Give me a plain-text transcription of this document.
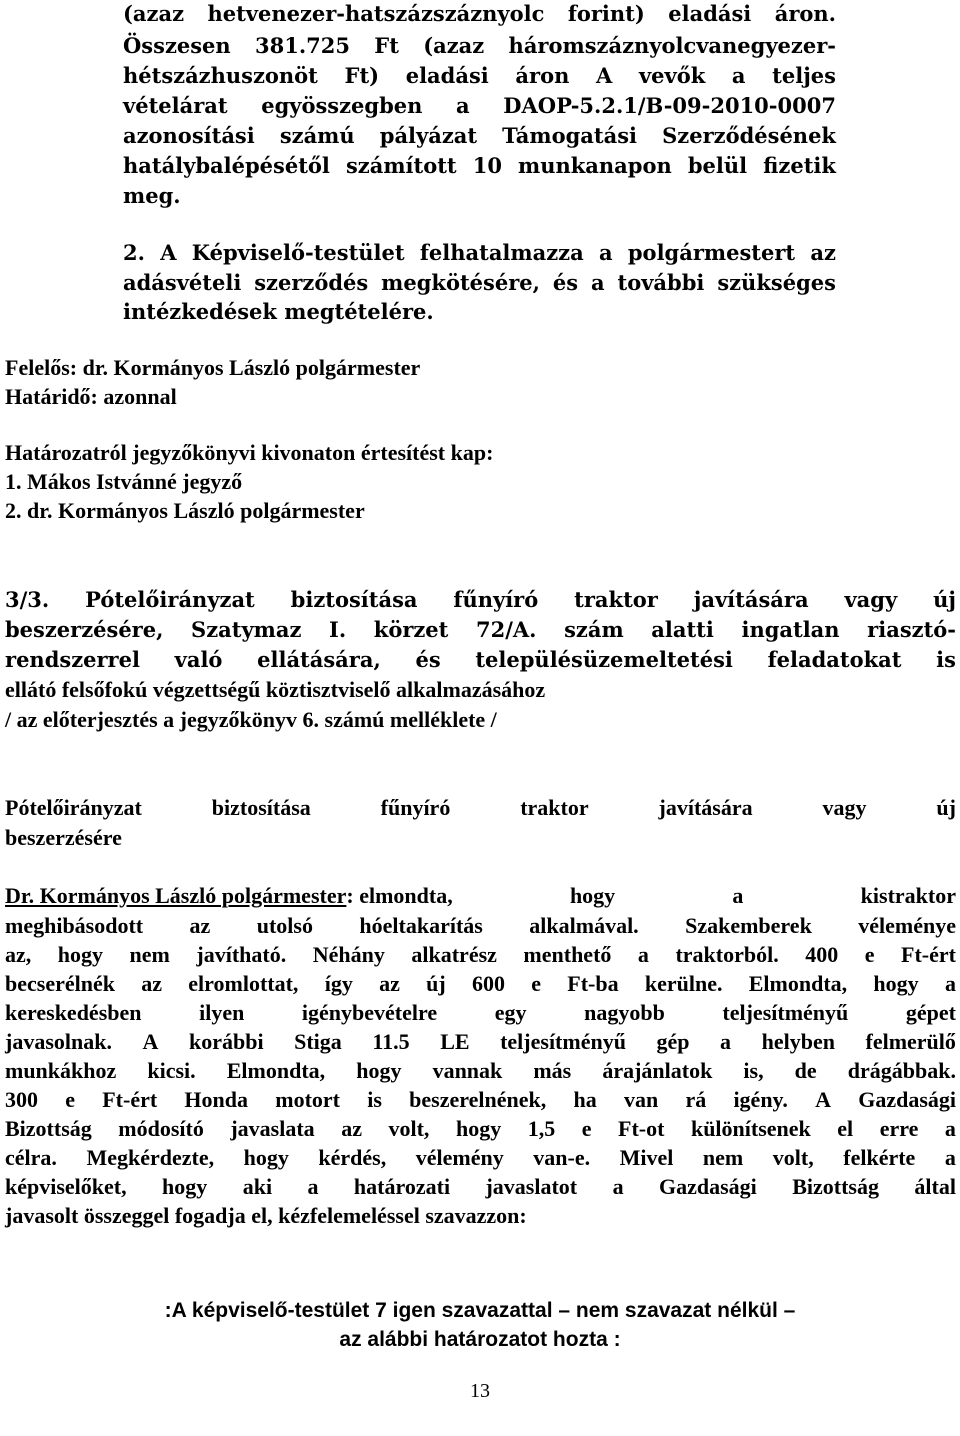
(azaz hetvenezer-hatszázszáznyolc forint) eladási áron.
Összesen 381.725 Ft (azaz háromszáznyolcvanegyezer-
hétszázhuszonöt Ft) eladási áron A vevők a teljes
vételárat egyösszegben a DAOP-5.2.1/B-09-2010-0007
azonosítási számú pályázat Támogatási Szerződésének
hatálybalépésétől számított 10 munkanapon belül fizetik
meg.
2. A Képviselő-testület felhatalmazza a polgármestert az
adásvételi szerződés megkötésére, és a további szükséges
intézkedések megtételére.
Felelős: dr. Kormányos László polgármester
Határidő: azonnal
Határozatról jegyzőkönyvi kivonaton értesítést kap:
1. Mákos Istvánné jegyző
2. dr. Kormányos László polgármester
3/3. Pótelőirányzat biztosítása fűnyíró traktor javítására vagy új
beszerzésére, Szatymaz I. körzet 72/A. szám alatti ingatlan riasztó-
rendszerrel való ellátására, és településüzemeltetési feladatokat is
ellátó felsőfokú végzettségű köztisztviselő alkalmazásához
/ az előterjesztés a jegyzőkönyv 6. számú melléklete /
Pótelőirányzat	biztosítása	fűnyíró	traktor	javítására	vagy	új
beszerzésére
Dr. Kormányos László polgármester : elmondta,	hogy	a	kistraktor
meghibásodott az utolsó hóeltakarítás alkalmával. Szakemberek véleménye
az, hogy nem javítható. Néhány alkatrész menthető a traktorból. 400 e Ft-ért
becserélnék az elromlottat, így az új 600 e Ft-ba kerülne. Elmondta, hogy a
kereskedésben	ilyen	igénybevételre	egy	nagyobb	teljesítményű	gépet
javasolnak. A korábbi Stiga 11.5 LE teljesítményű gép a helyben felmerülő
munkákhoz kicsi. Elmondta, hogy vannak más árajánlatok is, de drágábbak.
300 e Ft-ért Honda motort is beszerelnének, ha van rá igény. A Gazdasági
Bizottság módosító javaslata az volt, hogy 1,5 e Ft-ot különítsenek el erre a
célra. Megkérdezte, hogy kérdés, vélemény van-e. Mivel nem volt, felkérte a
képviselőket, hogy aki a határozati javaslatot a Gazdasági Bizottság által
javasolt összeggel fogadja el, kézfelemeléssel szavazzon:
:A képviselő-testület 7 igen szavazattal – nem szavazat nélkül –
az alábbi határozatot hozta :
13
